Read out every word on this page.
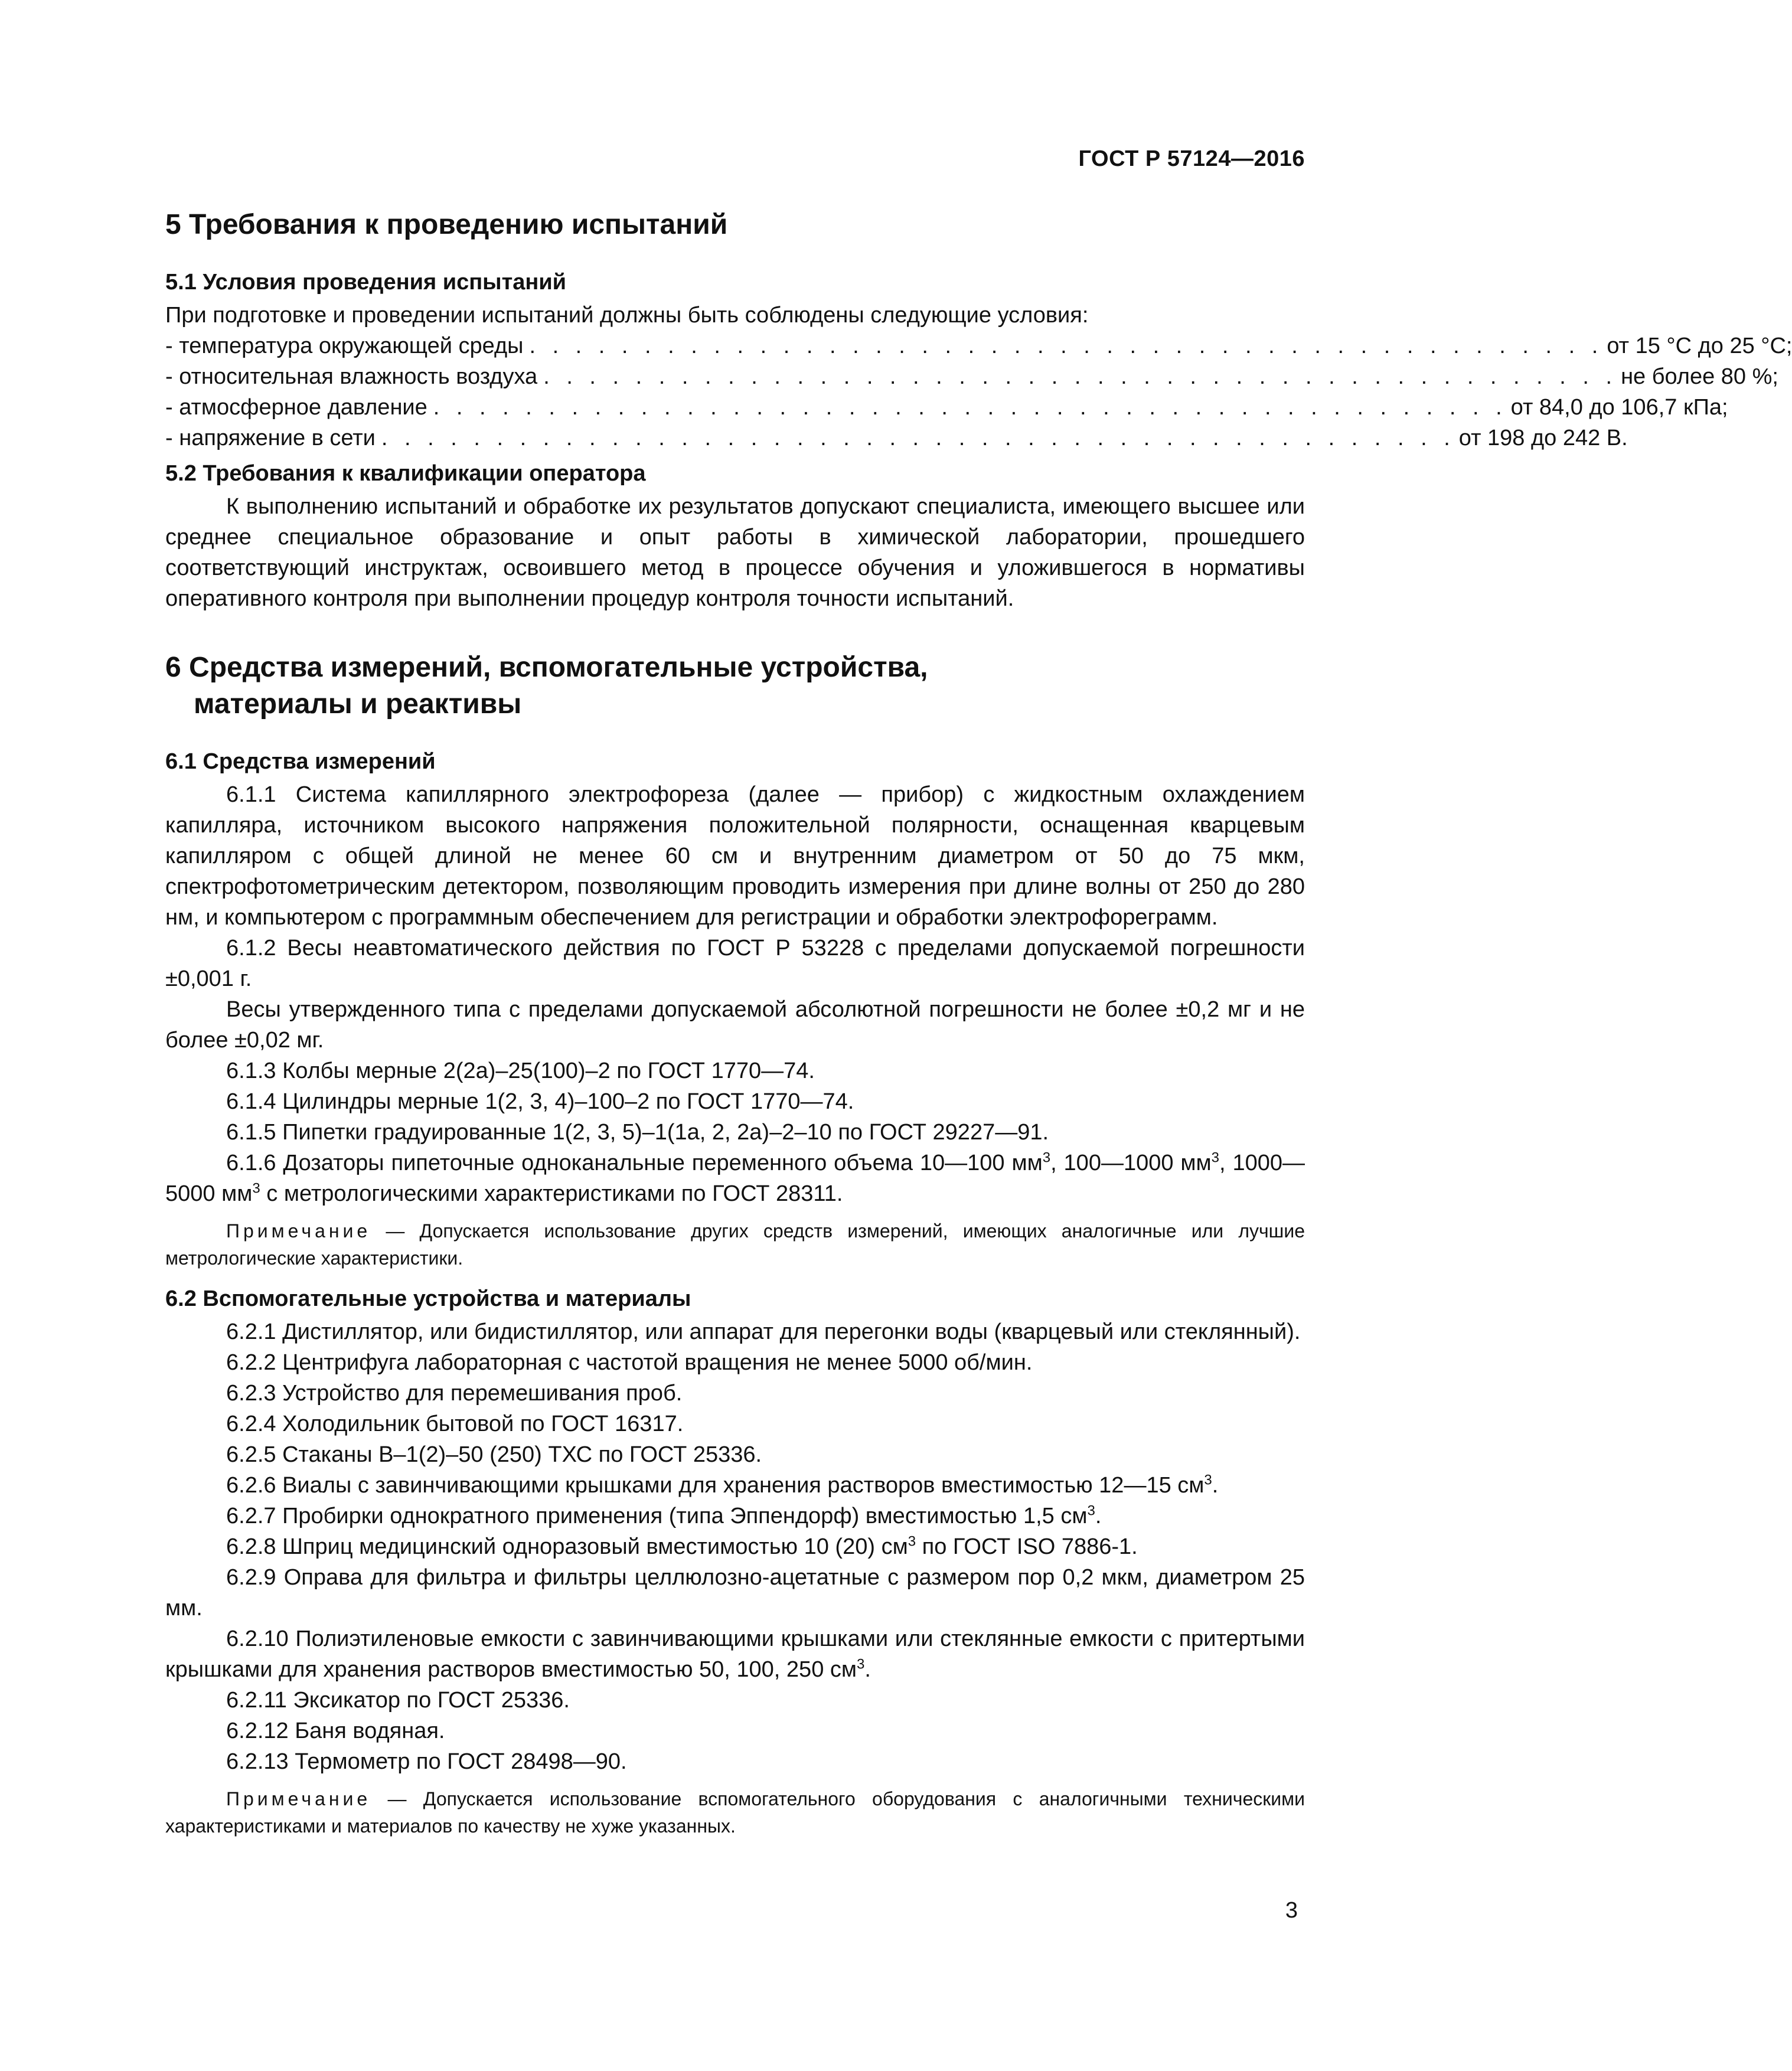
ГОСТ Р 57124—2016
5 Требования к проведению испытаний
5.1 Условия проведения испытаний

При подготовке и проведении испытаний должны быть соблюдены следующие условия:

- температура окружающей среды . . . . . . . . . . . . . . . . . . . . . . . . . . . . . . . . . . . . . . . . . . . . . . . от 15 °С до 25 °С;
- относительная влажность воздуха . . . . . . . . . . . . . . . . . . . . . . . . . . . . . . . . . . . . . . . . . . . . . . . не более 80 %;
- атмосферное давление . . . . . . . . . . . . . . . . . . . . . . . . . . . . . . . . . . . . . . . . . . . . . . . от 84,0 до 106,7 кПа;
- напряжение в сети . . . . . . . . . . . . . . . . . . . . . . . . . . . . . . . . . . . . . . . . . . . . . . . от 198 до 242 В.
5.2 Требования к квалификации оператора

К выполнению испытаний и обработке их результатов допускают специалиста, имеющего высшее или среднее специальное образование и опыт работы в химической лаборатории, прошедшего соответствующий инструктаж, освоившего метод в процессе обучения и уложившегося в нормативы оперативного контроля при выполнении процедур контроля точности испытаний.

6 Средства измерений, вспомогательные устройства,
материалы и реактивы
6.1 Средства измерений

6.1.1 Система капиллярного электрофореза (далее — прибор) с жидкостным охлаждением капилляра, источником высокого напряжения положительной полярности, оснащенная кварцевым капилляром с общей длиной не менее 60 см и внутренним диаметром от 50 до 75 мкм, спектрофотометрическим детектором, позволяющим проводить измерения при длине волны от 250 до 280 нм, и компьютером с программным обеспечением для регистрации и обработки электрофореграмм.

6.1.2 Весы неавтоматического действия по ГОСТ Р 53228 с пределами допускаемой погрешности ±0,001 г.

Весы утвержденного типа с пределами допускаемой абсолютной погрешности не более ±0,2 мг и не более ±0,02 мг.

6.1.3 Колбы мерные 2(2а)–25(100)–2 по ГОСТ 1770—74.

6.1.4 Цилиндры мерные 1(2, 3, 4)–100–2 по ГОСТ 1770—74.

6.1.5 Пипетки градуированные 1(2, 3, 5)–1(1а, 2, 2а)–2–10 по ГОСТ 29227—91.

6.1.6 Дозаторы пипеточные одноканальные переменного объема 10—100 $мм^3$, 100—1000 $мм^3$, 1000—5000 $мм^3$ с метрологическими характеристиками по ГОСТ 28311.

Примечание — Допускается использование других средств измерений, имеющих аналогичные или лучшие метрологические характеристики.

6.2 Вспомогательные устройства и материалы

6.2.1 Дистиллятор, или бидистиллятор, или аппарат для перегонки воды (кварцевый или стеклянный).

6.2.2 Центрифуга лабораторная с частотой вращения не менее 5000 об/мин.

6.2.3 Устройство для перемешивания проб.

6.2.4 Холодильник бытовой по ГОСТ 16317.

6.2.5 Стаканы В–1(2)–50 (250) ТХС по ГОСТ 25336.

6.2.6 Виалы с завинчивающими крышками для хранения растворов вместимостью 12—15 $см^3$.

6.2.7 Пробирки однократного применения (типа Эппендорф) вместимостью 1,5 $см^3$.

6.2.8 Шприц медицинский одноразовый вместимостью 10 (20) $см^3$ по ГОСТ ISO 7886-1.

6.2.9 Оправа для фильтра и фильтры целлюлозно-ацетатные с размером пор 0,2 мкм, диаметром 25 мм.

6.2.10 Полиэтиленовые емкости с завинчивающими крышками или стеклянные емкости с притертыми крышками для хранения растворов вместимостью 50, 100, 250 $см^3$.

6.2.11 Эксикатор по ГОСТ 25336.

6.2.12 Баня водяная.

6.2.13 Термометр по ГОСТ 28498—90.

Примечание — Допускается использование вспомогательного оборудования с аналогичными техническими характеристиками и материалов по качеству не хуже указанных.

3
